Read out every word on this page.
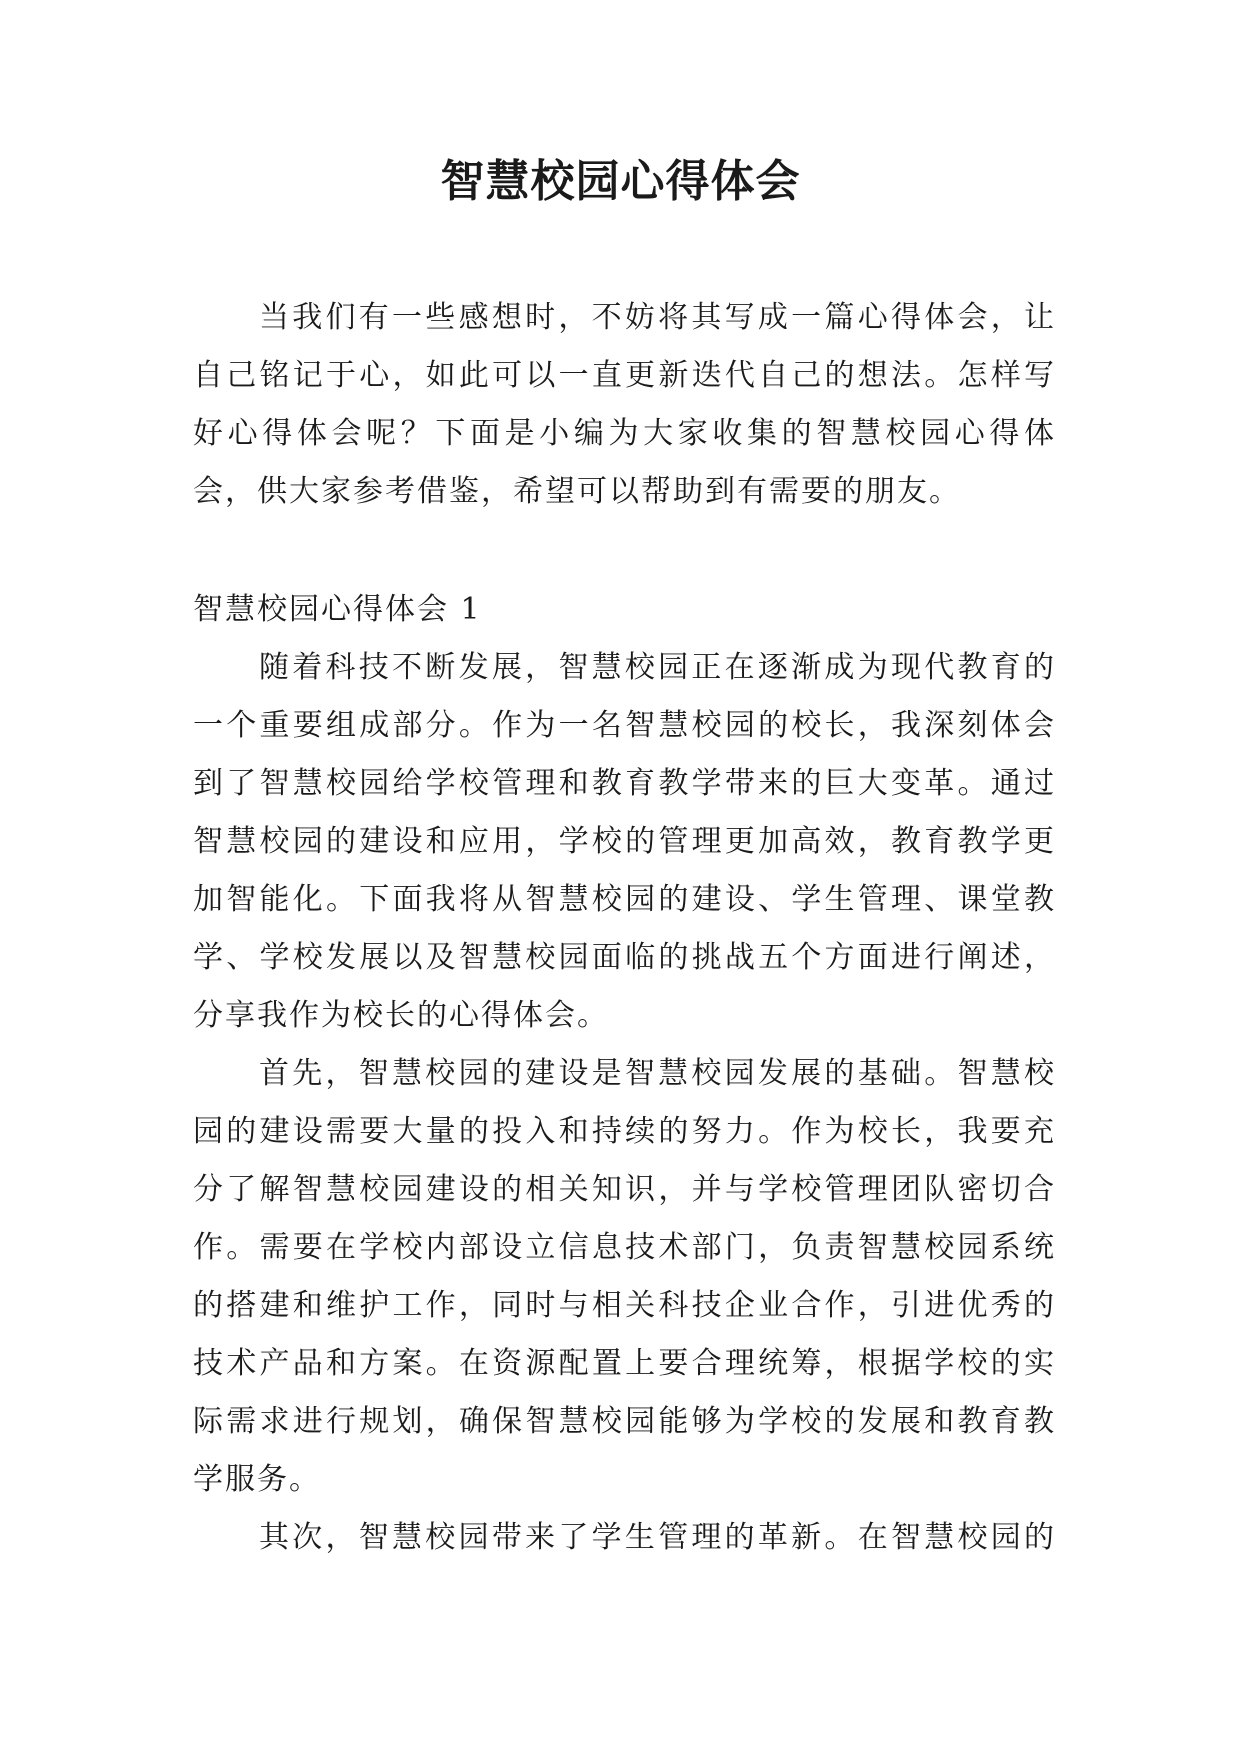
智慧校园心得体会
当我们有一些感想时，不妨将其写成一篇心得体会，让
自己铭记于心，如此可以一直更新迭代自己的想法。怎样写
好心得体会呢？下面是小编为大家收集的智慧校园心得体
会，供大家参考借鉴，希望可以帮助到有需要的朋友。
智慧校园心得体会 1
随着科技不断发展，智慧校园正在逐渐成为现代教育的
一个重要组成部分。作为一名智慧校园的校长，我深刻体会
到了智慧校园给学校管理和教育教学带来的巨大变革。通过
智慧校园的建设和应用，学校的管理更加高效，教育教学更
加智能化。下面我将从智慧校园的建设、学生管理、课堂教
学、学校发展以及智慧校园面临的挑战五个方面进行阐述，
分享我作为校长的心得体会。
首先，智慧校园的建设是智慧校园发展的基础。智慧校
园的建设需要大量的投入和持续的努力。作为校长，我要充
分了解智慧校园建设的相关知识，并与学校管理团队密切合
作。需要在学校内部设立信息技术部门，负责智慧校园系统
的搭建和维护工作，同时与相关科技企业合作，引进优秀的
技术产品和方案。在资源配置上要合理统筹，根据学校的实
际需求进行规划，确保智慧校园能够为学校的发展和教育教
学服务。
其次，智慧校园带来了学生管理的革新。在智慧校园的
